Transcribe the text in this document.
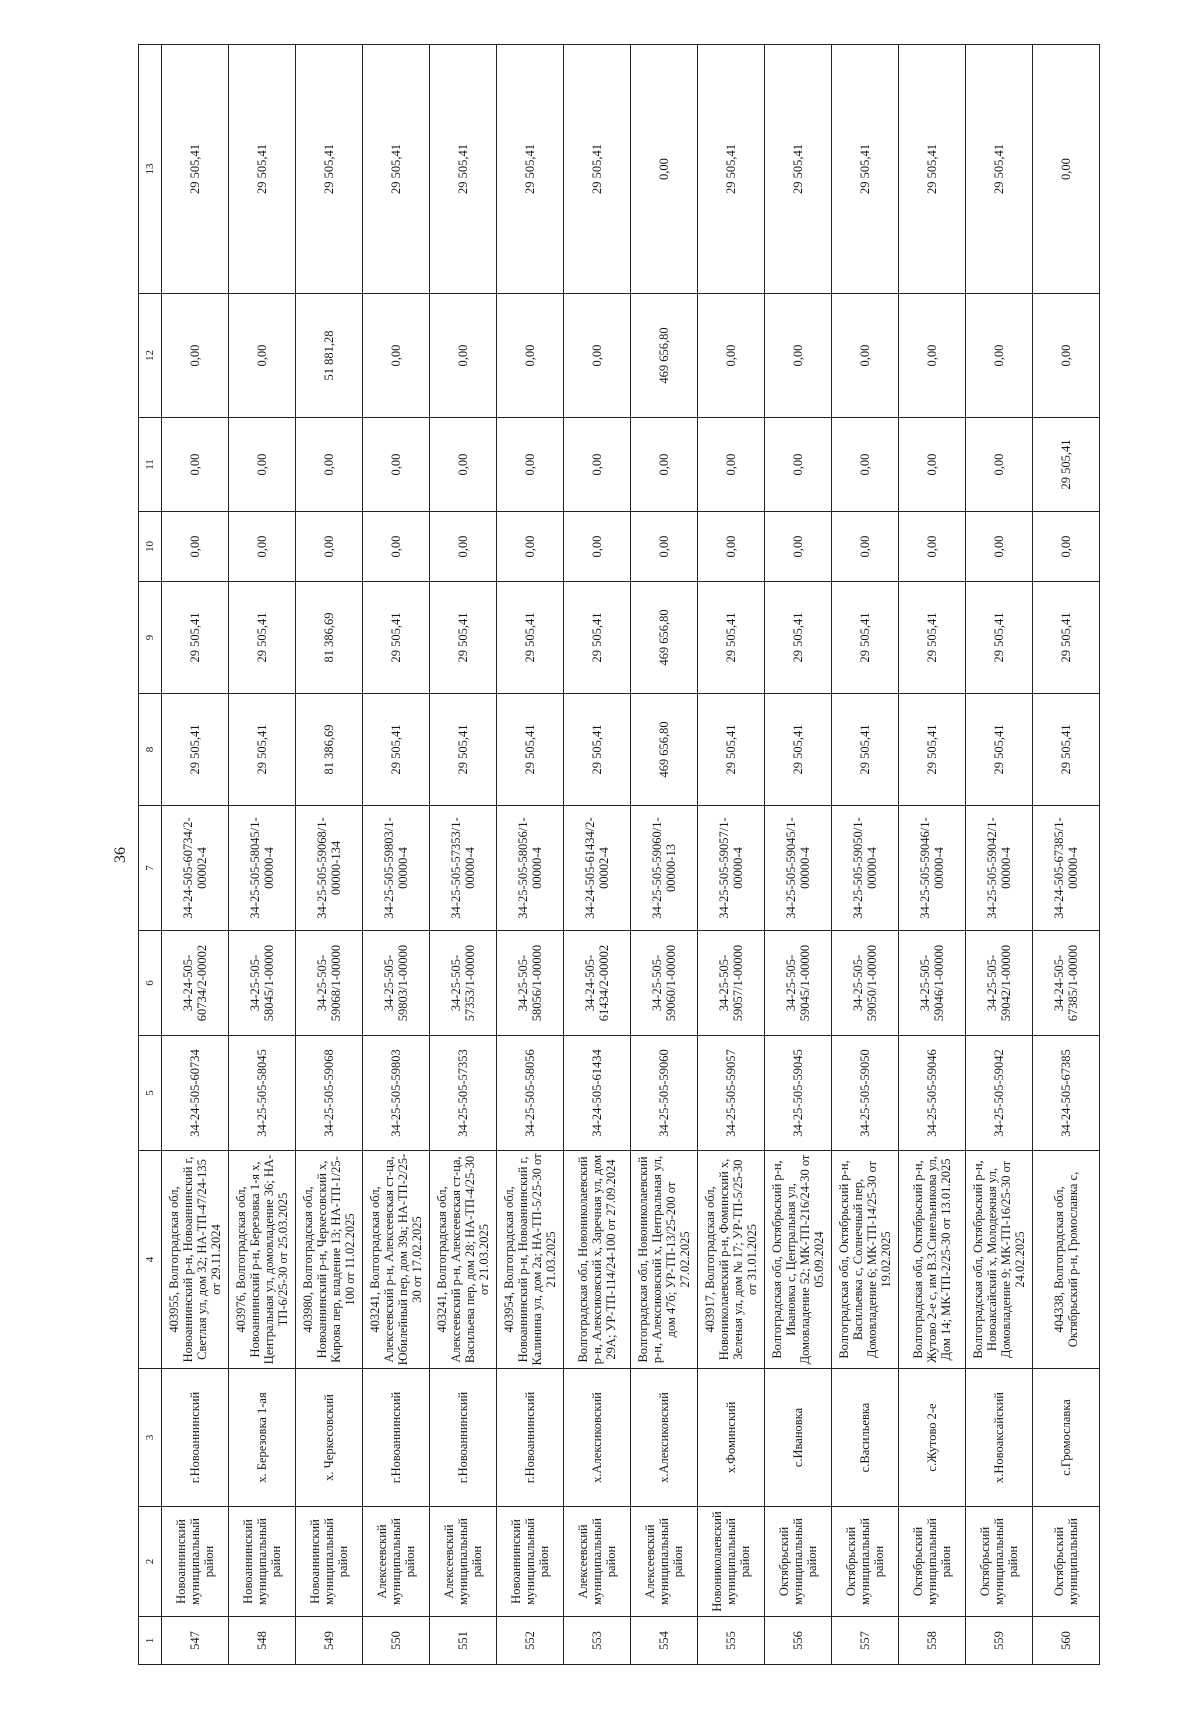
36
1	2	3	4	5	6	7	8	9	10	11	12	13
547	Новоаннинский муниципальный район	г.Новоаннинский	403955, Волгоградская обл, Новоаннинский р-н, Новоаннинский г, Светлая ул, дом 32; НА-ТП-47/24-135 от 29.11.2024	34-24-505-60734	34-24-505-60734/2-00002	34-24-505-60734/2-00002-4	29 505,41	29 505,41	0,00	0,00	0,00	29 505,41
548	Новоаннинский муниципальный район	х. Березовка 1-ая	403976, Волгоградская обл, Новоаннинский р-н, Березовка 1-я х, Центральная ул, домовладение 36; НА-ТП-6/25-30 от 25.03.2025	34-25-505-58045	34-25-505-58045/1-00000	34-25-505-58045/1-00000-4	29 505,41	29 505,41	0,00	0,00	0,00	29 505,41
549	Новоаннинский муниципальный район	х. Черкесовский	403980, Волгоградская обл, Новоаннинский р-н, Черкесовский х, Кирова пер, владение 13; НА-ТП-1/25-100 от 11.02.2025	34-25-505-59068	34-25-505-59068/1-00000	34-25-505-59068/1-00000-134	81 386,69	81 386,69	0,00	0,00	51 881,28	29 505,41
550	Алексеевский муниципальный район	г.Новоаннинский	403241, Волгоградская обл, Алексеевский р-н, Алексеевская ст-ца, Юбилейный пер, дом 39а; НА-ТП-2/25-30 от 17.02.2025	34-25-505-59803	34-25-505-59803/1-00000	34-25-505-59803/1-00000-4	29 505,41	29 505,41	0,00	0,00	0,00	29 505,41
551	Алексеевский муниципальный район	г.Новоаннинский	403241, Волгоградская обл, Алексеевский р-н, Алексеевская ст-ца, Васильева пер, дом 28; НА-ТП-4/25-30 от 21.03.2025	34-25-505-57353	34-25-505-57353/1-00000	34-25-505-57353/1-00000-4	29 505,41	29 505,41	0,00	0,00	0,00	29 505,41
552	Новоаннинский муниципальный район	г.Новоаннинский	403954, Волгоградская обл, Новоаннинский р-н, Новоаннинский г, Калинина ул, дом 2а; НА-ТП-5/25-30 от 21.03.2025	34-25-505-58056	34-25-505-58056/1-00000	34-25-505-58056/1-00000-4	29 505,41	29 505,41	0,00	0,00	0,00	29 505,41
553	Алексеевский муниципальный район	х.Алексиковский	Волгоградская обл, Новониколаевский р-н, Алексиковский х, Заречная ул, дом 29А; УР-ТП-114/24-100 от 27.09.2024	34-24-505-61434	34-24-505-61434/2-00002	34-24-505-61434/2-00002-4	29 505,41	29 505,41	0,00	0,00	0,00	29 505,41
554	Алексеевский муниципальный район	х.Алексиковский	Волгоградская обл, Новониколаевский р-н, Алексиковский х, Центральная ул, дом 47б; УР-ТП-13/25-200 от 27.02.2025	34-25-505-59060	34-25-505-59060/1-00000	34-25-505-59060/1-00000-13	469 656,80	469 656,80	0,00	0,00	469 656,80	0,00
555	Новониколаевский муниципальный район	х.Фоминский	403917, Волгоградская обл, Новониколаевский р-н, Фоминский х, Зеленая ул, дом № 17; УР-ТП-5/25-30 от 31.01.2025	34-25-505-59057	34-25-505-59057/1-00000	34-25-505-59057/1-00000-4	29 505,41	29 505,41	0,00	0,00	0,00	29 505,41
556	Октябрьский муниципальный район	с.Ивановка	Волгоградская обл, Октябрьский р-н, Ивановка с, Центральная ул, Домовладение 52; МК-ТП-216/24-30 от 05.09.2024	34-25-505-59045	34-25-505-59045/1-00000	34-25-505-59045/1-00000-4	29 505,41	29 505,41	0,00	0,00	0,00	29 505,41
557	Октябрьский муниципальный район	с.Васильевка	Волгоградская обл, Октябрьский р-н, Васильевка с, Солнечный пер, Домовладение 6; МК-ТП-14/25-30 от 19.02.2025	34-25-505-59050	34-25-505-59050/1-00000	34-25-505-59050/1-00000-4	29 505,41	29 505,41	0,00	0,00	0,00	29 505,41
558	Октябрьский муниципальный район	с.Жутово 2-е	Волгоградская обл, Октябрьский р-н, Жутово 2-е с, им В.З.Синельникова ул, Дом 14; МК-ТП-2/25-30 от 13.01.2025	34-25-505-59046	34-25-505-59046/1-00000	34-25-505-59046/1-00000-4	29 505,41	29 505,41	0,00	0,00	0,00	29 505,41
559	Октябрьский муниципальный район	х.Новоаксайский	Волгоградская обл, Октябрьский р-н, Новоаксайский х, Молодежная ул, Домовладение 9; МК-ТП-16/25-30 от 24.02.2025	34-25-505-59042	34-25-505-59042/1-00000	34-25-505-59042/1-00000-4	29 505,41	29 505,41	0,00	0,00	0,00	29 505,41
560	Октябрьский муниципальный	с.Громославка	404338, Волгоградская обл, Октябрьский р-н, Громославка с,	34-24-505-67385	34-24-505-67385/1-00000	34-24-505-67385/1-00000-4	29 505,41	29 505,41	0,00	29 505,41	0,00	0,00
